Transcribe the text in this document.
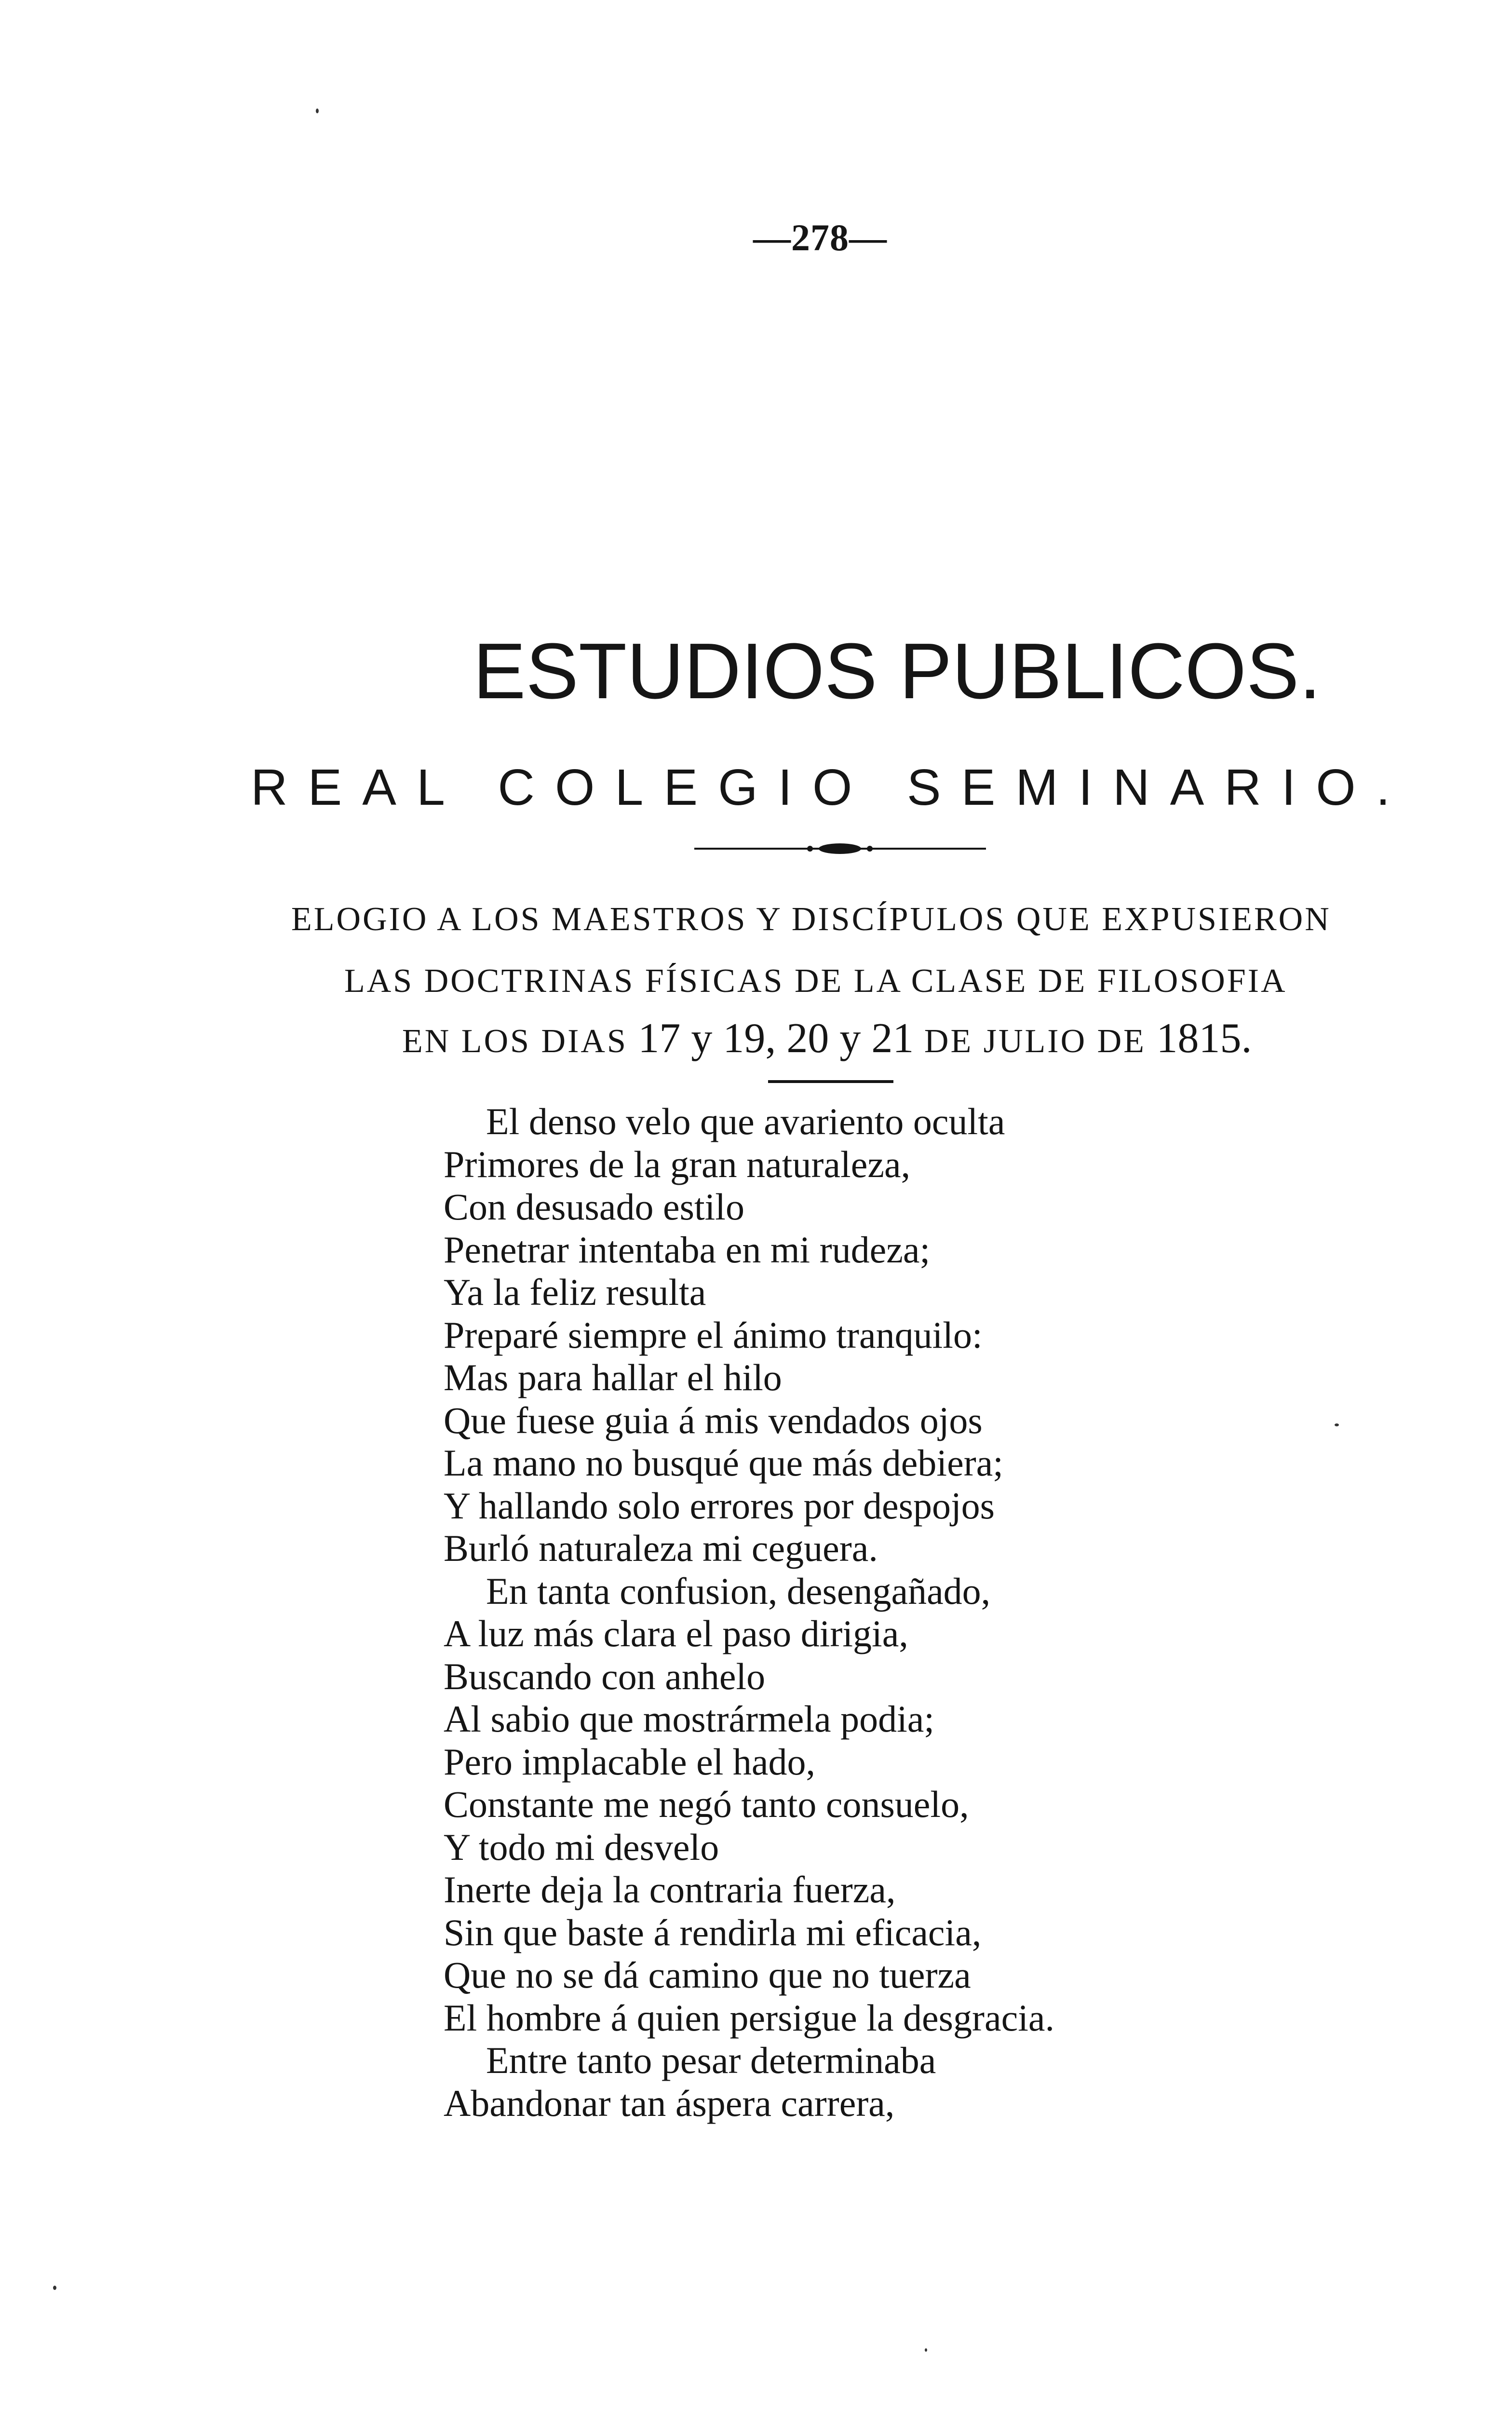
—278—
ESTUDIOS PUBLICOS.
REAL COLEGIO SEMINARIO.
ELOGIO A LOS MAESTROS Y DISCÍPULOS QUE EXPUSIERON
LAS DOCTRINAS FÍSICAS DE LA CLASE DE FILOSOFIA
EN LOS DIAS 17 y 19, 20 y 21 DE JULIO DE 1815.
El denso velo que avariento oculta
Primores de la gran naturaleza,
Con desusado estilo
Penetrar intentaba en mi rudeza;
Ya la feliz resulta
Preparé siempre el ánimo tranquilo:
Mas para hallar el hilo
Que fuese guia á mis vendados ojos
La mano no busqué que más debiera;
Y hallando solo errores por despojos
Burló naturaleza mi ceguera.
En tanta confusion, desengañado,
A luz más clara el paso dirigia,
Buscando con anhelo
Al sabio que mostrármela podia;
Pero implacable el hado,
Constante me negó tanto consuelo,
Y todo mi desvelo
Inerte deja la contraria fuerza,
Sin que baste á rendirla mi eficacia,
Que no se dá camino que no tuerza
El hombre á quien persigue la desgracia.
Entre tanto pesar determinaba
Abandonar tan áspera carrera,
